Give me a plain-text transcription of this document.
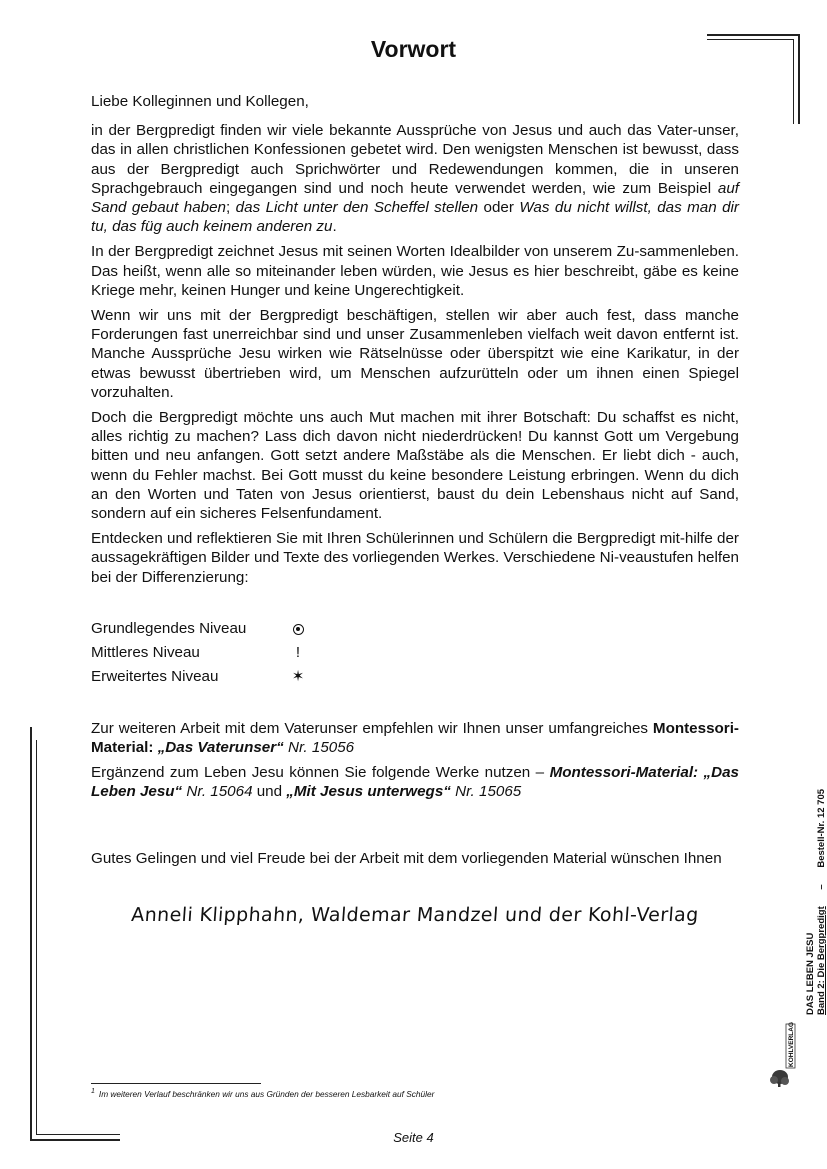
Vorwort

Liebe Kolleginnen und Kollegen,

in der Bergpredigt finden wir viele bekannte Aussprüche von Jesus und auch das Vater-unser, das in allen christlichen Konfessionen gebetet wird. Den wenigsten Menschen ist bewusst, dass aus der Bergpredigt auch Sprichwörter und Redewendungen kommen, die in unseren Sprachgebrauch eingegangen sind und noch heute verwendet werden, wie zum Beispiel auf Sand gebaut haben; das Licht unter den Scheffel stellen oder Was du nicht willst, das man dir tu, das füg auch keinem anderen zu.

In der Bergpredigt zeichnet Jesus mit seinen Worten Idealbilder von unserem Zu-sammenleben. Das heißt, wenn alle so miteinander leben würden, wie Jesus es hier beschreibt, gäbe es keine Kriege mehr, keinen Hunger und keine Ungerechtigkeit.

Wenn wir uns mit der Bergpredigt beschäftigen, stellen wir aber auch fest, dass manche Forderungen fast unerreichbar sind und unser Zusammenleben vielfach weit davon entfernt ist. Manche Aussprüche Jesu wirken wie Rätselnüsse oder überspitzt wie eine Karikatur, in der etwas bewusst übertrieben wird, um Menschen aufzurütteln oder um ihnen einen Spiegel vorzuhalten.

Doch die Bergpredigt möchte uns auch Mut machen mit ihrer Botschaft: Du schaffst es nicht, alles richtig zu machen? Lass dich davon nicht niederdrücken! Du kannst Gott um Vergebung bitten und neu anfangen. Gott setzt andere Maßstäbe als die Menschen. Er liebt dich - auch, wenn du Fehler machst. Bei Gott musst du keine besondere Leistung erbringen. Wenn du dich an den Worten und Taten von Jesus orientierst, baust du dein Lebenshaus nicht auf Sand, sondern auf ein sicheres Felsenfundament.

Entdecken und reflektieren Sie mit Ihren Schülerinnen und Schülern die Bergpredigt mit-hilfe der aussagekräftigen Bilder und Texte des vorliegenden Werkes. Verschiedene Ni-veaustufen helfen bei der Differenzierung:

Grundlegendes Niveau
Mittleres Niveau	!
Erweitertes Niveau	✶

Zur weiteren Arbeit mit dem Vaterunser empfehlen wir Ihnen unser umfangreiches Montessori-Material: „Das Vaterunser“ Nr. 15056

Ergänzend zum Leben Jesu können Sie folgende Werke nutzen – Montessori-Material: „Das Leben Jesu“ Nr. 15064 und „Mit Jesus unterwegs“ Nr. 15065

Gutes Gelingen und viel Freude bei der Arbeit mit dem vorliegenden Material wünschen Ihnen

Anneli Klipphahn, Waldemar Mandzel und der Kohl-Verlag
$^1$ Im weiteren Verlauf beschränken wir uns aus Gründen der besseren Lesbarkeit auf Schüler
Seite 4
DAS LEBEN JESU Band 2: Die Bergpredigt – Bestell-Nr. 12 705
KOHLVERLAG
